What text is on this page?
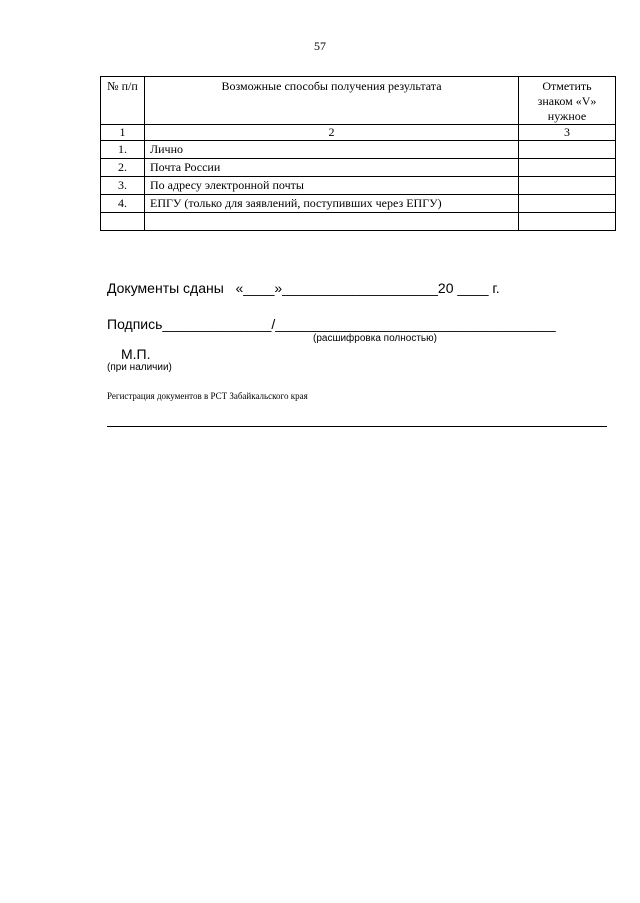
57
№ п/п	Возможные способы получения результата	Отметить знаком «V» нужное
1	2	3
1.	Лично	
2.	Почта России	
3.	По адресу электронной почты	
4.	ЕПГУ (только для заявлений, поступивших через ЕПГУ)	

Документы сданы   «____»____________________20 ____ г.
Подпись______________/____________________________________
(расшифровка полностью)
М.П.
(при наличии)
Регистрация документов в РСТ Забайкальского края
